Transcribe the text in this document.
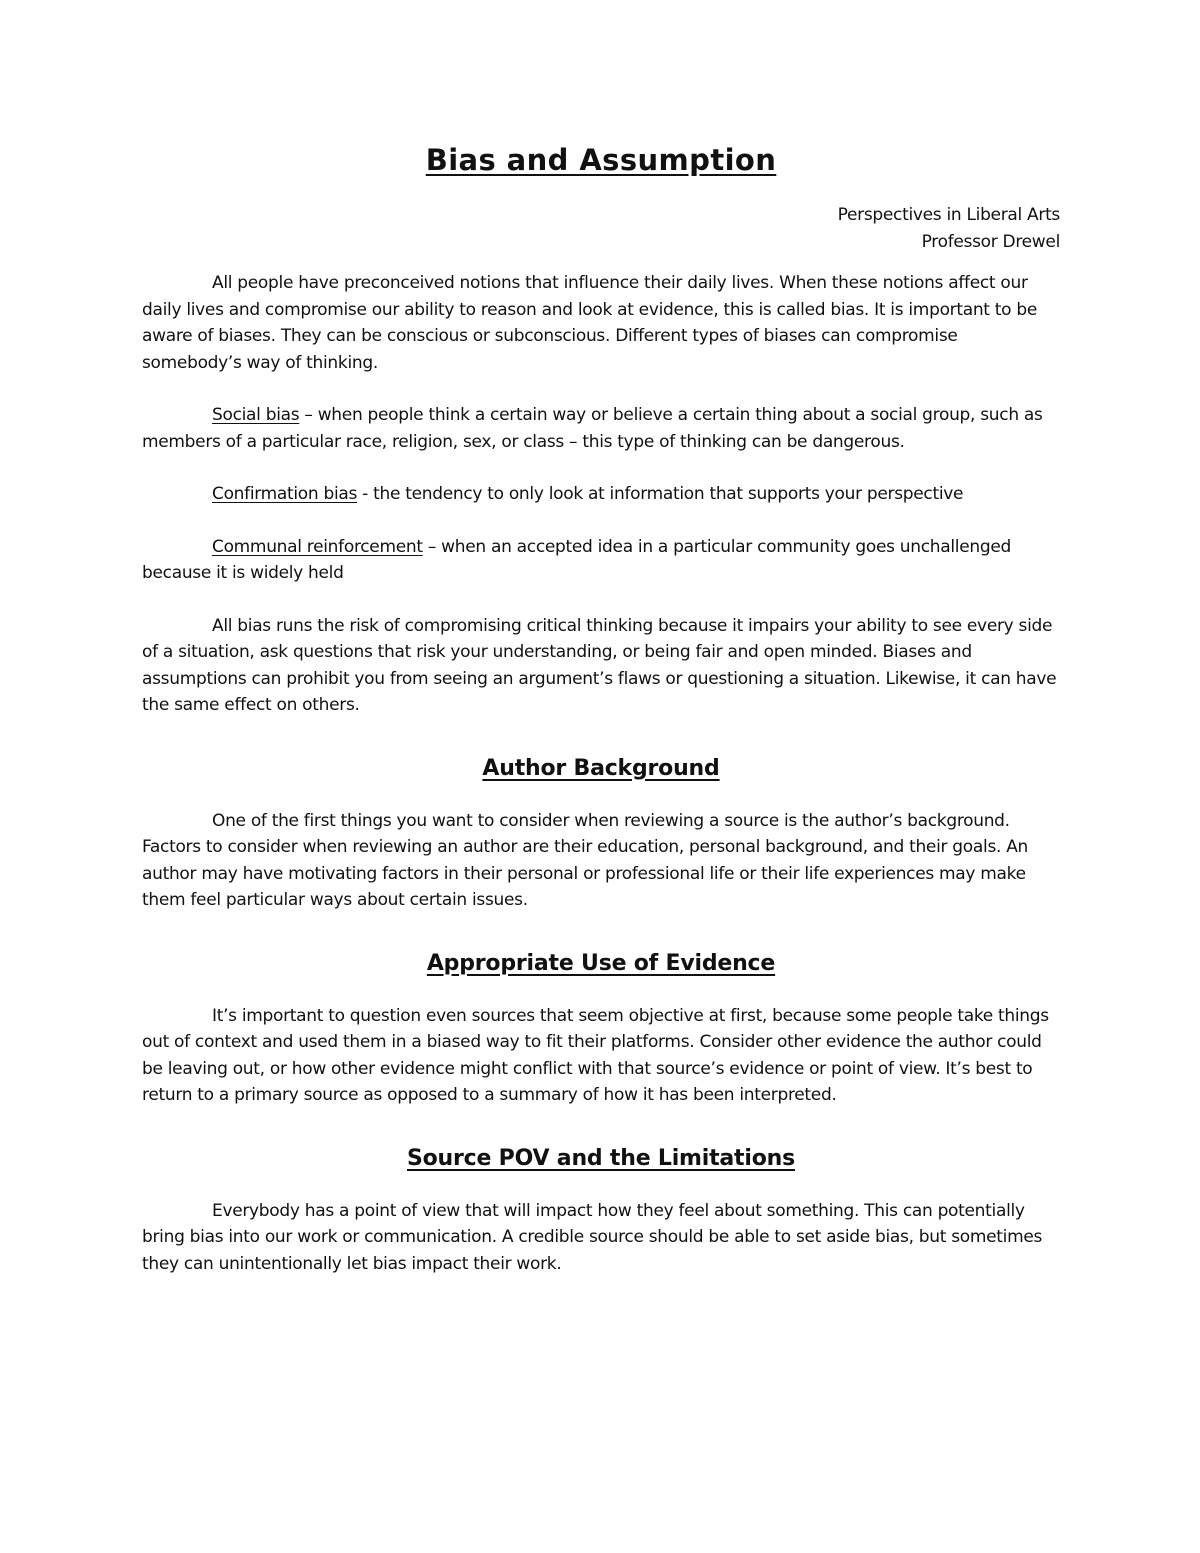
Bias and Assumption
Perspectives in Liberal Arts
Professor Drewel

All people have preconceived notions that influence their daily lives. When these notions affect our daily lives and compromise our ability to reason and look at evidence, this is called bias. It is important to be aware of biases. They can be conscious or subconscious. Different types of biases can compromise somebody’s way of thinking.

Social bias – when people think a certain way or believe a certain thing about a social group, such as members of a particular race, religion, sex, or class – this type of thinking can be dangerous.

Confirmation bias - the tendency to only look at information that supports your perspective

Communal reinforcement – when an accepted idea in a particular community goes unchallenged because it is widely held

All bias runs the risk of compromising critical thinking because it impairs your ability to see every side of a situation, ask questions that risk your understanding, or being fair and open minded. Biases and assumptions can prohibit you from seeing an argument’s flaws or questioning a situation. Likewise, it can have the same effect on others.

Author Background

One of the first things you want to consider when reviewing a source is the author’s background. Factors to consider when reviewing an author are their education, personal background, and their goals. An author may have motivating factors in their personal or professional life or their life experiences may make them feel particular ways about certain issues.

Appropriate Use of Evidence

It’s important to question even sources that seem objective at first, because some people take things out of context and used them in a biased way to fit their platforms. Consider other evidence the author could be leaving out, or how other evidence might conflict with that source’s evidence or point of view. It’s best to return to a primary source as opposed to a summary of how it has been interpreted.

Source POV and the Limitations

Everybody has a point of view that will impact how they feel about something. This can potentially bring bias into our work or communication. A credible source should be able to set aside bias, but sometimes they can unintentionally let bias impact their work.
